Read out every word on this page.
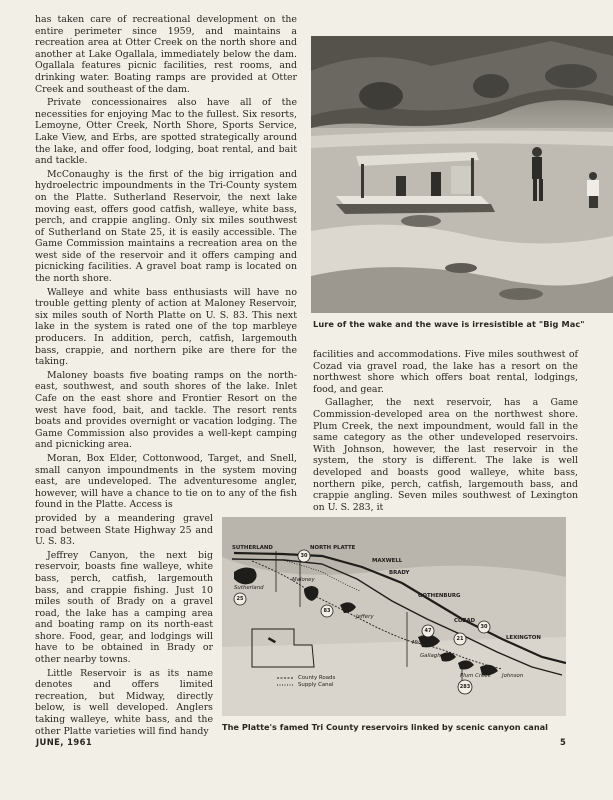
has taken care of recreational development on the entire perimeter since 1959, and maintains a recreation area at Otter Creek on the north shore and another at Lake Ogallala, immediately below the dam. Ogallala features picnic facilities, rest rooms, and drinking water. Boating ramps are provided at Otter Creek and southeast of the dam.

Private concessionaires also have all of the necessities for enjoying Mac to the fullest. Six resorts, Lemoyne, Otter Creek, North Shore, Sports Service, Lake View, and Erbs, are spotted strategically around the lake, and offer food, lodging, boat rental, and bait and tackle.

McConaughy is the first of the big irrigation and hydroelectric impoundments in the Tri-County system on the Platte. Sutherland Reservoir, the next lake moving east, offers good catfish, walleye, white bass, perch, and crappie angling. Only six miles southwest of Sutherland on State 25, it is easily accessible. The Game Commission maintains a recreation area on the west side of the reservoir and it offers camping and picnicking facilities. A gravel boat ramp is located on the north shore.

Walleye and white bass enthusiasts will have no trouble getting plenty of action at Maloney Reservoir, six miles south of North Platte on U. S. 83. This next lake in the system is rated one of the top marbleye producers. In addition, perch, catfish, largemouth bass, crappie, and northern pike are there for the taking.

Maloney boasts five boating ramps on the north-east, southwest, and south shores of the lake. Inlet Cafe on the east shore and Frontier Resort on the west have food, bait, and tackle. The resort rents boats and provides overnight or vacation lodging. The Game Commission also provides a well-kept camping and picnicking area.

Moran, Box Elder, Cottonwood, Target, and Snell, small canyon impoundments in the system moving east, are undeveloped. The adventuresome angler, however, will have a chance to tie on to any of the fish found in the Platte. Access is

provided by a meandering gravel road between State Highway 25 and U. S. 83.

Jeffrey Canyon, the next big reservoir, boasts fine walleye, white bass, perch, catfish, largemouth bass, and crappie fishing. Just 10 miles south of Brady on a gravel road, the lake has a camping area and boating ramp on its north-east shore. Food, gear, and lodgings will have to be obtained in Brady or other nearby towns.

Little Reservoir is as its name denotes and offers limited recreation, but Midway, directly below, is well developed. Anglers taking walleye, white bass, and the other Platte varieties will find handy

Lure of the wake and the wave is irresistible at "Big Mac"

facilities and accommodations. Five miles southwest of Cozad via gravel road, the lake has a resort on the northwest shore which offers boat rental, lodgings, food, and gear.

Gallagher, the next reservoir, has a Game Commission-developed area on the northwest shore. Plum Creek, the next impoundment, would fall in the same category as the other undeveloped reservoirs. With Johnson, however, the last reservoir in the system, the story is different. The lake is well developed and boasts good walleye, white bass, northern pike, perch, catfish, largemouth bass, and crappie angling. Seven miles southwest of Lexington on U. S. 283, it

SUTHERLAND	NORTH PLATTE
MAXWELL
BRADY
GOTHENBURG
COZAD
LEXINGTON
Sutherland
Maloney
Jeffery
Midway
Gallagher
Plum Creek Johnson
30
25
83
47
21
30
283
County Roads
Supply Canal
The Platte's famed Tri County reservoirs linked by scenic canyon canal
JUNE, 1961	5
